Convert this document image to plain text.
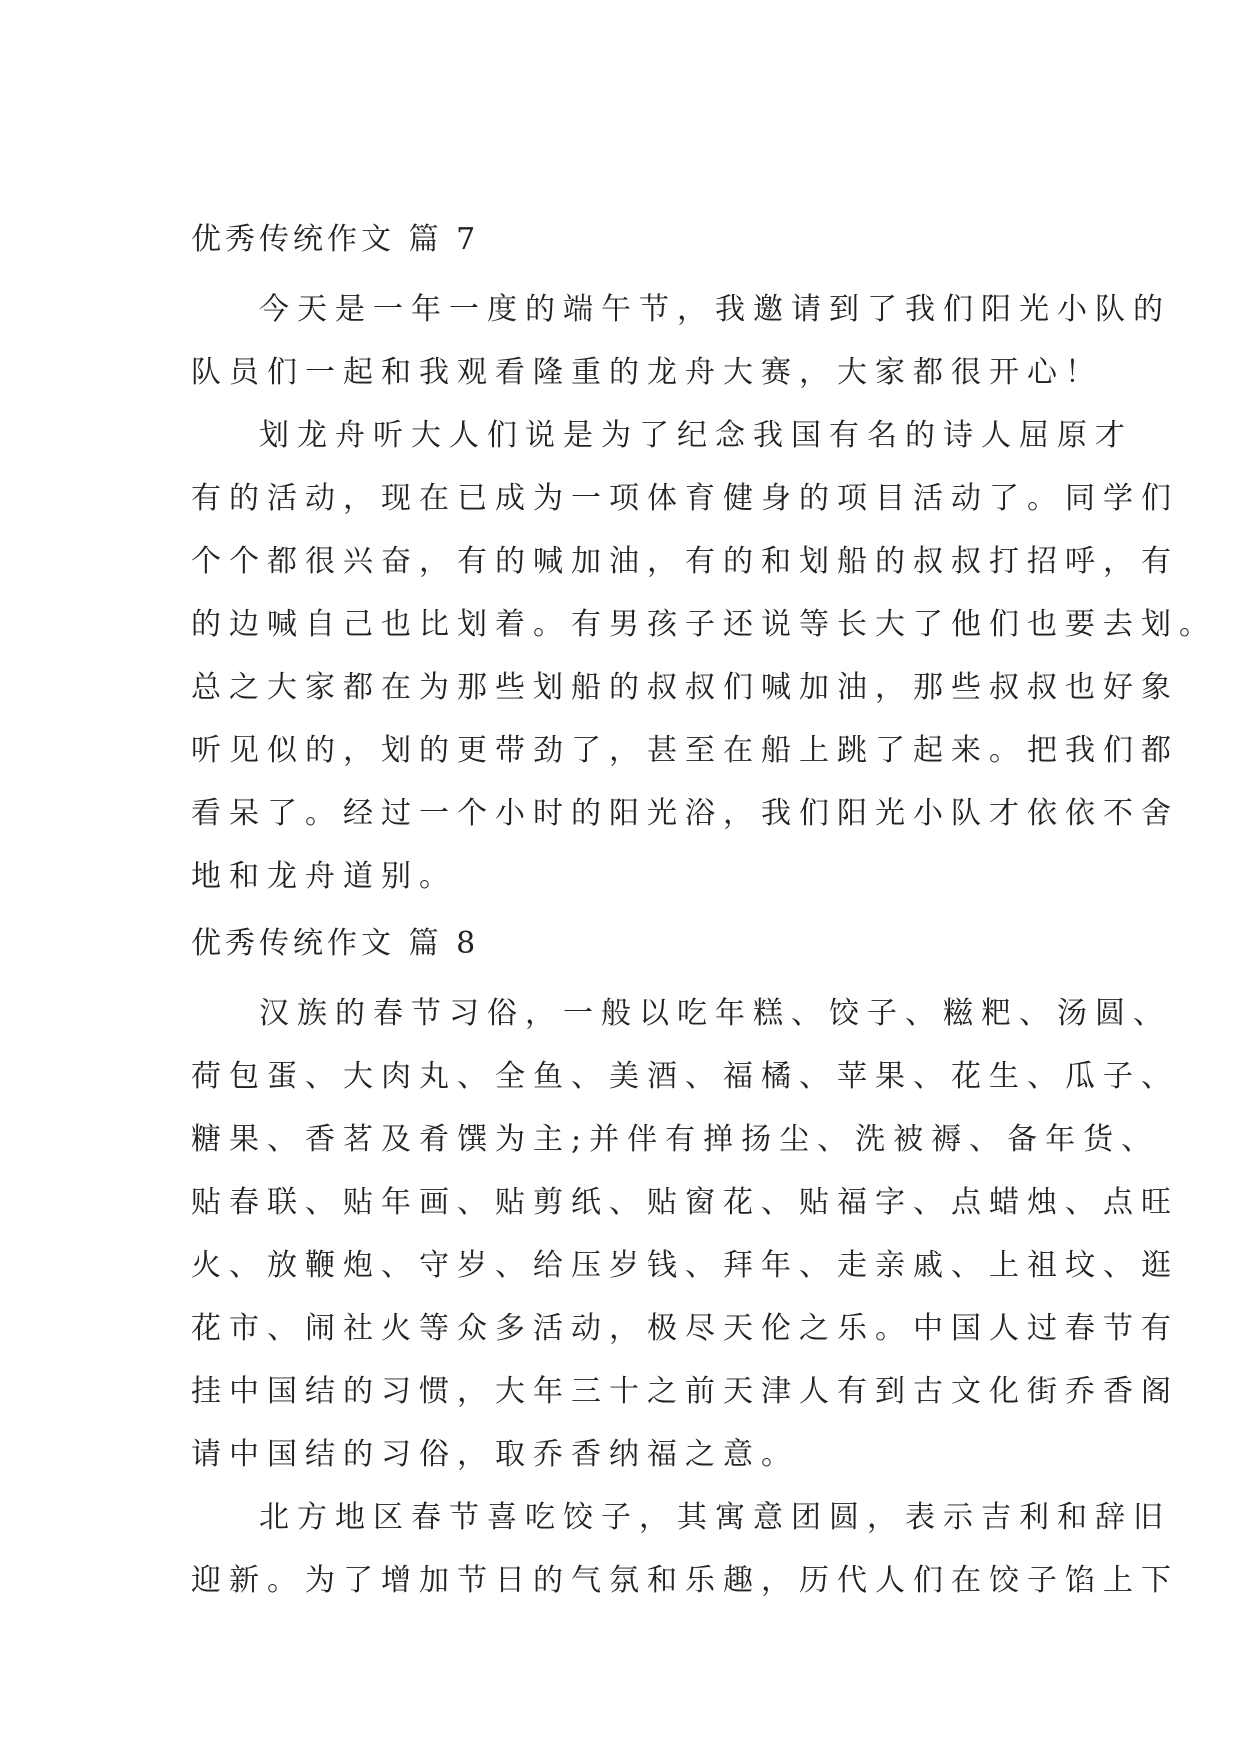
优秀传统作文 篇 7

今天是一年一度的端午节，我邀请到了我们阳光小队的
队员们一起和我观看隆重的龙舟大赛，大家都很开心！

划龙舟听大人们说是为了纪念我国有名的诗人屈原才
有的活动，现在已成为一项体育健身的项目活动了。同学们
个个都很兴奋，有的喊加油，有的和划船的叔叔打招呼，有
的边喊自己也比划着。有男孩子还说等长大了他们也要去划。
总之大家都在为那些划船的叔叔们喊加油，那些叔叔也好象
听见似的，划的更带劲了，甚至在船上跳了起来。把我们都
看呆了。经过一个小时的阳光浴，我们阳光小队才依依不舍
地和龙舟道别。

优秀传统作文 篇 8

汉族的春节习俗，一般以吃年糕、饺子、糍粑、汤圆、
荷包蛋、大肉丸、全鱼、美酒、福橘、苹果、花生、瓜子、
糖果、香茗及肴馔为主;并伴有掸扬尘、洗被褥、备年货、
贴春联、贴年画、贴剪纸、贴窗花、贴福字、点蜡烛、点旺
火、放鞭炮、守岁、给压岁钱、拜年、走亲戚、上祖坟、逛
花市、闹社火等众多活动，极尽天伦之乐。中国人过春节有
挂中国结的习惯，大年三十之前天津人有到古文化街乔香阁
请中国结的习俗，取乔香纳福之意。

北方地区春节喜吃饺子，其寓意团圆，表示吉利和辞旧
迎新。为了增加节日的气氛和乐趣，历代人们在饺子馅上下
